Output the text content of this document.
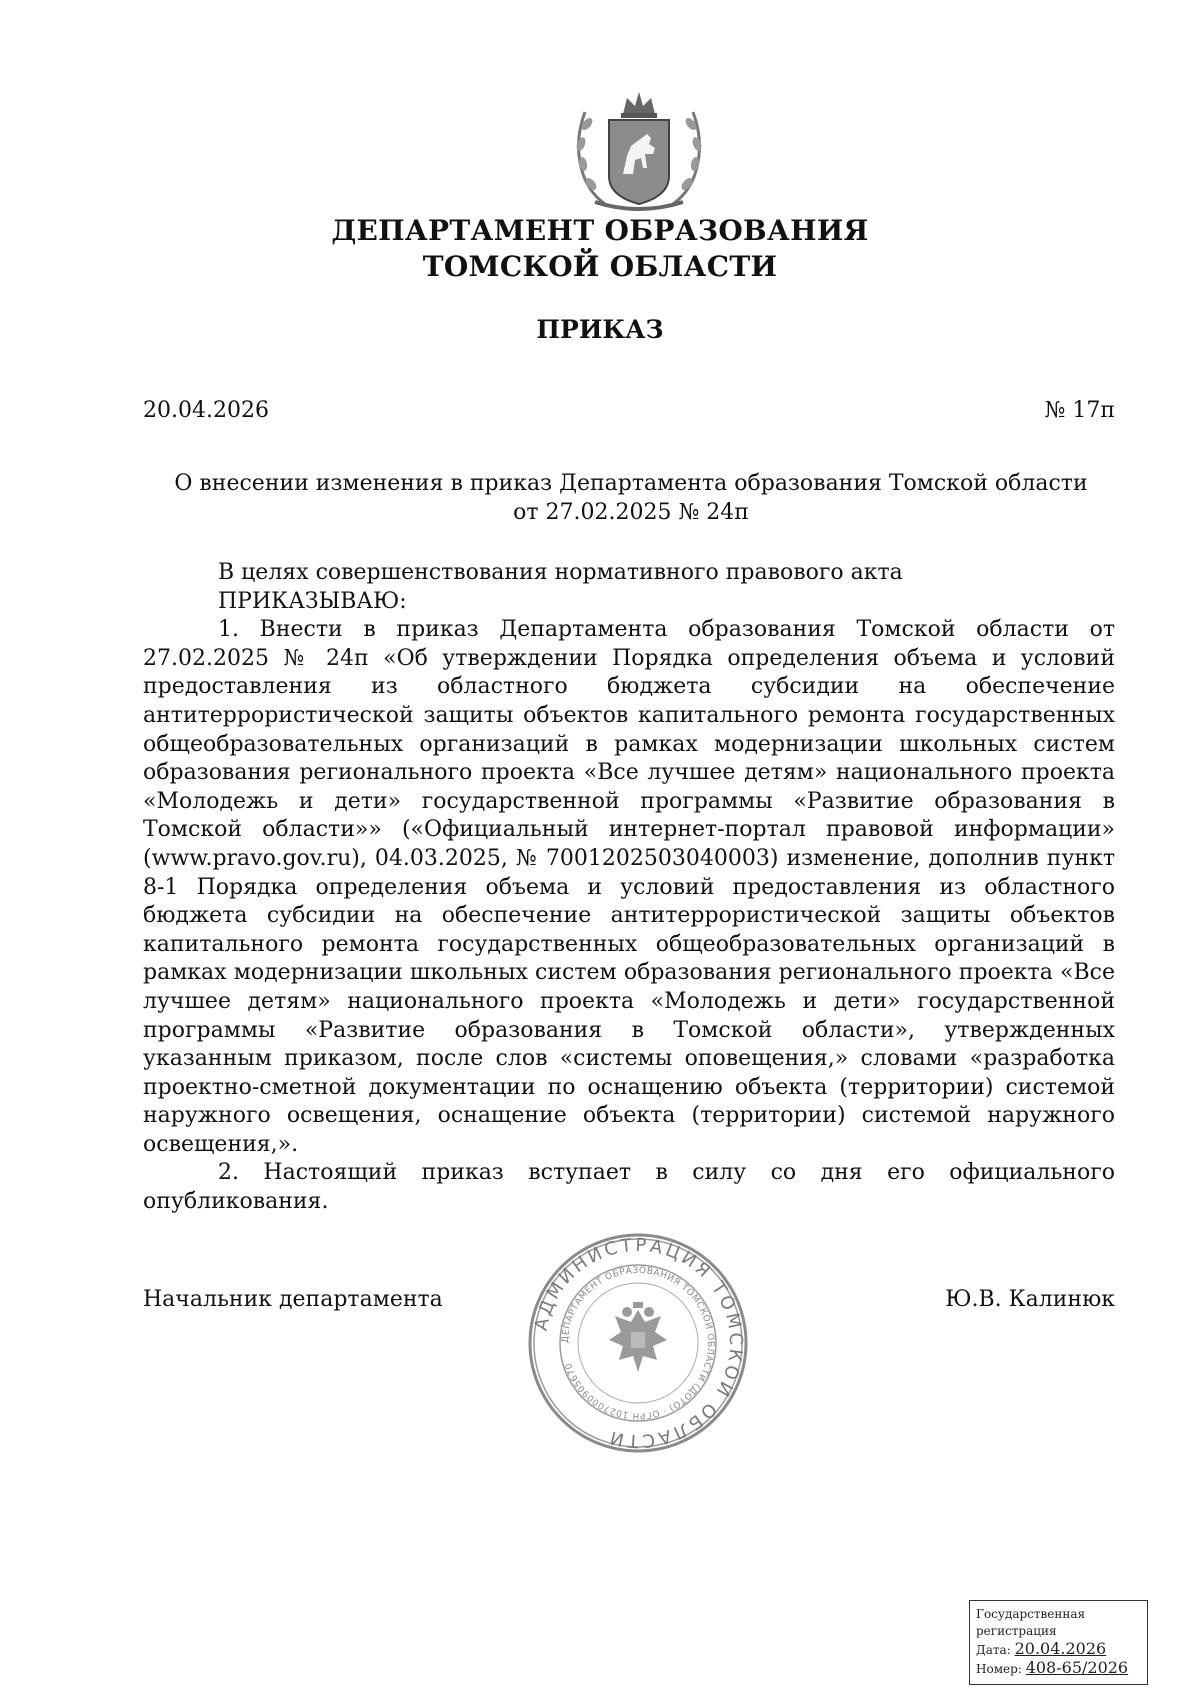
ДЕПАРТАМЕНТ ОБРАЗОВАНИЯ
ТОМСКОЙ ОБЛАСТИ
ПРИКАЗ
20.04.2026	№ 17п
О внесении изменения в приказ Департамента образования Томской области
от 27.02.2025 № 24п

В целях совершенствования нормативного правового акта

ПРИКАЗЫВАЮ:

1. Внести в приказ Департамента образования Томской области от 27.02.2025 № 24п «Об утверждении Порядка определения объема и условий предоставления из областного бюджета субсидии на обеспечение антитеррористической защиты объектов капитального ремонта государственных общеобразовательных организаций в рамках модернизации школьных систем образования регионального проекта «Все лучшее детям» национального проекта «Молодежь и дети» государственной программы «Развитие образования в Томской области»» («Официальный интернет-портал правовой информации» (www.pravo.gov.ru), 04.03.2025, № 7001202503040003) изменение, дополнив пункт 8-1 Порядка определения объема и условий предоставления из областного бюджета субсидии на обеспечение антитеррористической защиты объектов капитального ремонта государственных общеобразовательных организаций в рамках модернизации школьных систем образования регионального проекта «Все лучшее детям» национального проекта «Молодежь и дети» государственной программы «Развитие образования в Томской области», утвержденных указанным приказом, после слов «системы оповещения,» словами «разработка проектно-сметной документации по оснащению объекта (территории) системой наружного освещения, оснащение объекта (территории) системой наружного освещения,».

2. Настоящий приказ вступает в силу со дня его официального опубликования.

Начальник департамента	Ю.В. Калинюк
АДМИНИСТРАЦИЯ ТОМСКОЙ ОБЛАСТИ
ДЕПАРТАМЕНТ ОБРАЗОВАНИЯ ТОМСКОЙ ОБЛАСТИ (ДОТО) · ОГРН 1027000905670
Государственная регистрация
Дата: 20.04.2026
Номер: 408-65/2026
